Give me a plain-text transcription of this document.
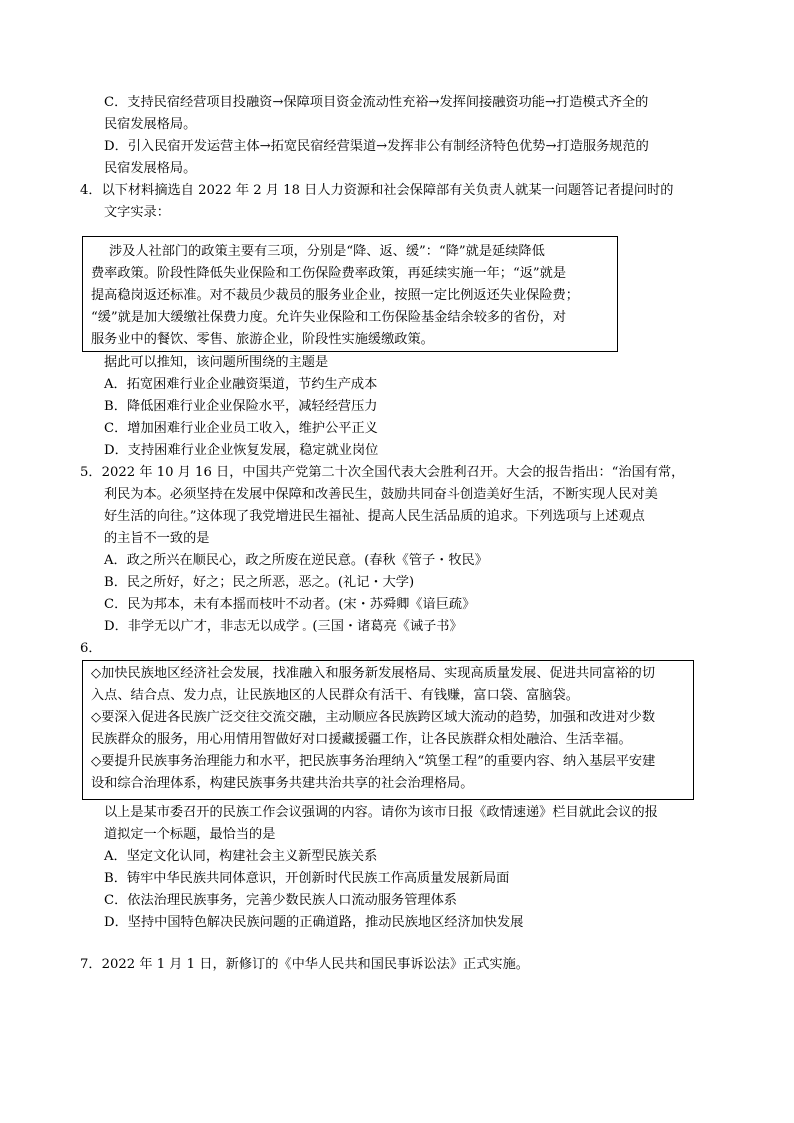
C．支持民宿经营项目投融资→保障项目资金流动性充裕→发挥间接融资功能→打造模式齐全的
民宿发展格局。
D．引入民宿开发运营主体→拓宽民宿经营渠道→发挥非公有制经济特色优势→打造服务规范的
民宿发展格局。
4．以下材料摘选自 2022 年 2 月 18 日人力资源和社会保障部有关负责人就某一问题答记者提问时的
文字实录：
涉及人社部门的政策主要有三项，分别是“降、返、缓”：“降”就是延续降低
费率政策。阶段性降低失业保险和工伤保险费率政策，再延续实施一年；“返”就是
提高稳岗返还标准。对不裁员少裁员的服务业企业，按照一定比例返还失业保险费；
“缓”就是加大缓缴社保费力度。允许失业保险和工伤保险基金结余较多的省份，对
服务业中的餐饮、零售、旅游企业，阶段性实施缓缴政策。
据此可以推知，该问题所围绕的主题是
A．拓宽困难行业企业融资渠道，节约生产成本
B．降低困难行业企业保险水平，减轻经营压力
C．增加困难行业企业员工收入，维护公平正义
D．支持困难行业企业恢复发展，稳定就业岗位
5．2022 年 10 月 16 日，中国共产党第二十次全国代表大会胜利召开。大会的报告指出：“治国有常，
利民为本。必须坚持在发展中保障和改善民生，鼓励共同奋斗创造美好生活，不断实现人民对美
好生活的向往。”这体现了我党增进民生福祉、提高人民生活品质的追求。下列选项与上述观点
的主旨不一致的是
A．政之所兴在顺民心，政之所废在逆民意。(春秋《管子・牧民》
B．民之所好，好之；民之所恶，恶之。(礼记・大学)
C．民为邦本，未有本摇而枝叶不动者。(宋・苏舜卿《谙巨疏》
D．非学无以广才，非志无以成学 。(三国・诸葛亮《诫子书》
6．
◇加快民族地区经济社会发展，找准融入和服务新发展格局、实现高质量发展、促进共同富裕的切
入点、结合点、发力点，让民族地区的人民群众有活干、有钱赚，富口袋、富脑袋。
◇要深入促进各民族广泛交往交流交融，主动顺应各民族跨区域大流动的趋势，加强和改进对少数
民族群众的服务，用心用情用智做好对口援藏援疆工作，让各民族群众相处融洽、生活幸福。
◇要提升民族事务治理能力和水平，把民族事务治理纳入“筑堡工程”的重要内容、纳入基层平安建
设和综合治理体系，构建民族事务共建共治共享的社会治理格局。
以上是某市委召开的民族工作会议强调的内容。请你为该市日报《政情速递》栏目就此会议的报
道拟定一个标题，最恰当的是
A．坚定文化认同，构建社会主义新型民族关系
B．铸牢中华民族共同体意识，开创新时代民族工作高质量发展新局面
C．依法治理民族事务，完善少数民族人口流动服务管理体系
D．坚持中国特色解决民族问题的正确道路，推动民族地区经济加快发展
7．2022 年 1 月 1 日，新修订的《中华人民共和国民事诉讼法》正式实施。
